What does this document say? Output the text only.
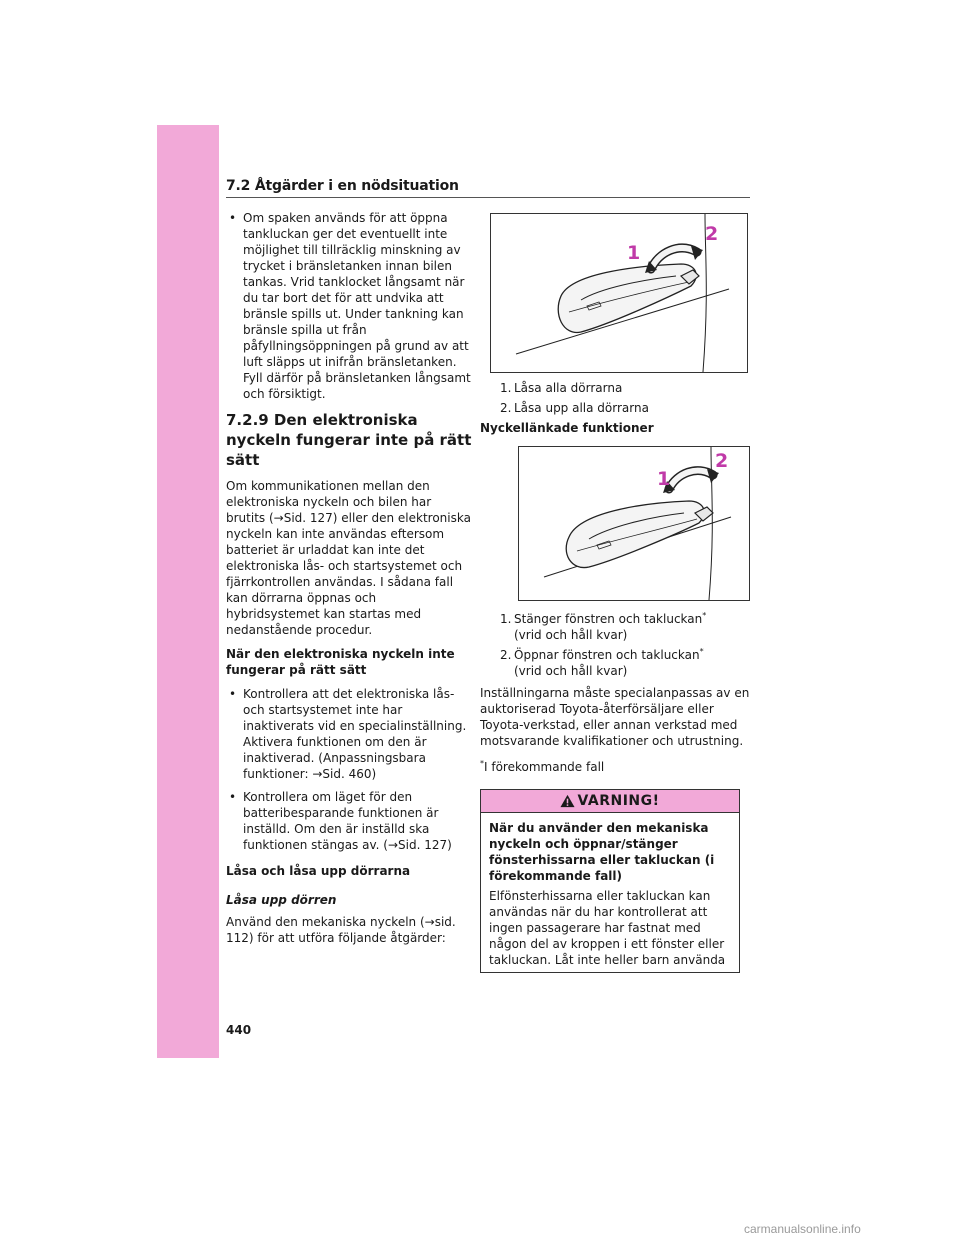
7.2 Åtgärder i en nödsituation

• Om spaken används för att öppna tankluckan ger det eventuellt inte möjlighet till tillräcklig minskning av trycket i bränsletanken innan bilen tankas. Vrid tanklocket långsamt när du tar bort det för att undvika att bränsle spills ut. Under tankning kan bränsle spilla ut från påfyllningsöppningen på grund av att luft släpps ut inifrån bränsletanken. Fyll därför på bränsletanken långsamt och försiktigt.

7.2.9 Den elektroniska nyckeln fungerar inte på rätt sätt

Om kommunikationen mellan den elektroniska nyckeln och bilen har brutits (→Sid. 127) eller den elektroniska nyckeln kan inte användas eftersom batteriet är urladdat kan inte det elektroniska lås- och startsystemet och fjärrkontrollen användas. I sådana fall kan dörrarna öppnas och hybridsystemet kan startas med nedanstående procedur.

När den elektroniska nyckeln inte fungerar på rätt sätt

• Kontrollera att det elektroniska lås- och startsystemet inte har inaktiverats vid en specialinställning. Aktivera funktionen om den är inaktiverad. (Anpassningsbara funktioner: →Sid. 460)

• Kontrollera om läget för den batteribesparande funktionen är inställd. Om den är inställd ska funktionen stängas av. (→Sid. 127)

Låsa och låsa upp dörrarna

Låsa upp dörren

Använd den mekaniska nyckeln (→sid. 112) för att utföra följande åtgärder:

1
2

1. Låsa alla dörrarna

2. Låsa upp alla dörrarna

Nyckellänkade funktioner

1
2

1. Stänger fönstren och takluckan*
(vrid och håll kvar)

2. Öppnar fönstren och takluckan*
(vrid och håll kvar)

Inställningarna måste specialanpassas av en auktoriserad Toyota-återförsäljare eller Toyota-verkstad, eller annan verkstad med motsvarande kvalifikationer och utrustning.

*I förekommande fall

VARNING!

När du använder den mekaniska nyckeln och öppnar/stänger fönsterhissarna eller takluckan (i förekommande fall)

Elfönsterhissarna eller takluckan kan användas när du har kontrollerat att ingen passagerare har fastnat med någon del av kroppen i ett fönster eller takluckan. Låt inte heller barn använda

440
carmanualsonline.info
